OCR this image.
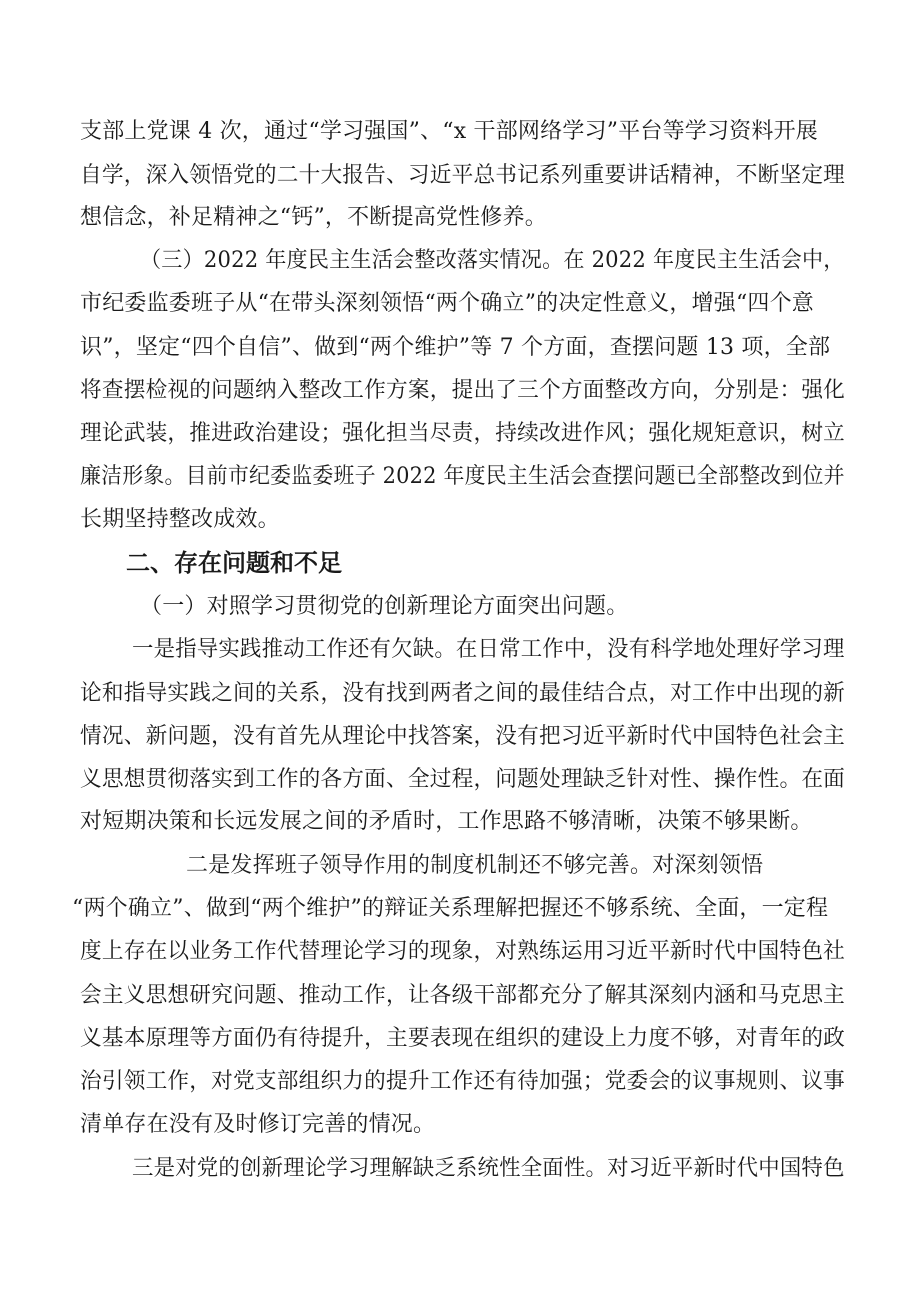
支部上党课 4 次，通过“学习强国”、“x 干部网络学习”平台等学习资料开展
自学，深入领悟党的二十大报告、习近平总书记系列重要讲话精神，不断坚定理
想信念，补足精神之“钙”，不断提高党性修养。
（三）2022 年度民主生活会整改落实情况。在 2022 年度民主生活会中，
市纪委监委班子从“在带头深刻领悟“两个确立”的决定性意义，增强“四个意
识”，坚定“四个自信”、做到“两个维护”等 7 个方面，查摆问题 13 项，全部
将查摆检视的问题纳入整改工作方案，提出了三个方面整改方向，分别是：强化
理论武装，推进政治建设；强化担当尽责，持续改进作风；强化规矩意识，树立
廉洁形象。目前市纪委监委班子 2022 年度民主生活会查摆问题已全部整改到位并
长期坚持整改成效。
二、存在问题和不足
（一）对照学习贯彻党的创新理论方面突出问题。
一是指导实践推动工作还有欠缺。在日常工作中，没有科学地处理好学习理
论和指导实践之间的关系，没有找到两者之间的最佳结合点，对工作中出现的新
情况、新问题，没有首先从理论中找答案，没有把习近平新时代中国特色社会主
义思想贯彻落实到工作的各方面、全过程，问题处理缺乏针对性、操作性。在面
对短期决策和长远发展之间的矛盾时，工作思路不够清晰，决策不够果断。
二是发挥班子领导作用的制度机制还不够完善。对深刻领悟
“两个确立”、做到“两个维护”的辩证关系理解把握还不够系统、全面，一定程
度上存在以业务工作代替理论学习的现象，对熟练运用习近平新时代中国特色社
会主义思想研究问题、推动工作，让各级干部都充分了解其深刻内涵和马克思主
义基本原理等方面仍有待提升，主要表现在组织的建设上力度不够，对青年的政
治引领工作，对党支部组织力的提升工作还有待加强；党委会的议事规则、议事
清单存在没有及时修订完善的情况。
三是对党的创新理论学习理解缺乏系统性全面性。对习近平新时代中国特色
